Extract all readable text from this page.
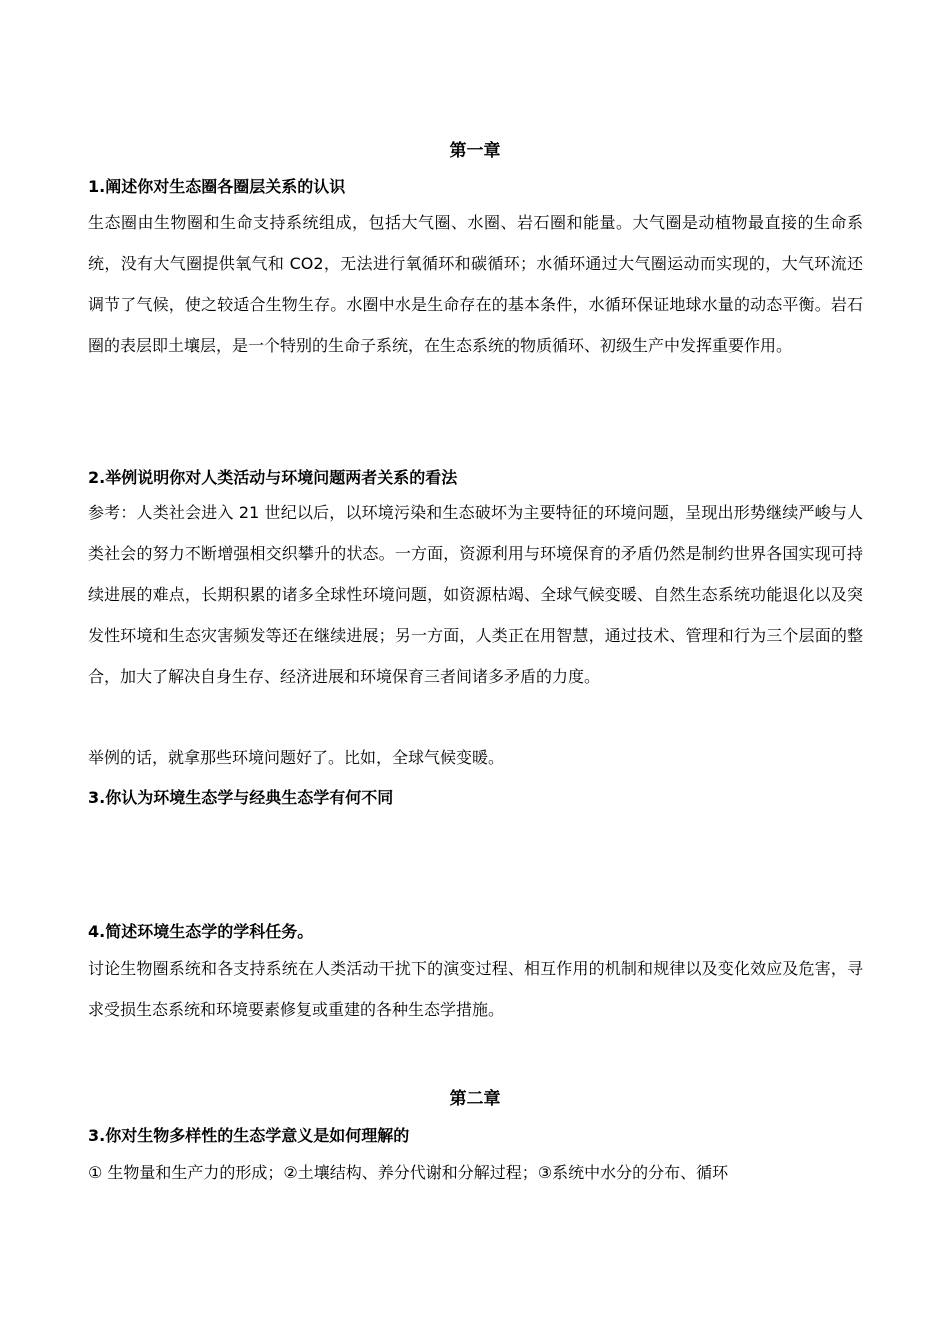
第一章
1.阐述你对生态圈各圈层关系的认识
生态圈由生物圈和生命支持系统组成，包括大气圈、水圈、岩石圈和能量。大气圈是动植物最直接的生命系统，没有大气圈提供氧气和 CO2，无法进行氧循环和碳循环；水循环通过大气圈运动而实现的，大气环流还调节了气候，使之较适合生物生存。水圈中水是生命存在的基本条件，水循环保证地球水量的动态平衡。岩石圈的表层即土壤层，是一个特别的生命子系统，在生态系统的物质循环、初级生产中发挥重要作用。
2.举例说明你对人类活动与环境问题两者关系的看法
参考：人类社会进入 21 世纪以后，以环境污染和生态破坏为主要特征的环境问题，呈现出形势继续严峻与人类社会的努力不断增强相交织攀升的状态。一方面，资源利用与环境保育的矛盾仍然是制约世界各国实现可持续进展的难点，长期积累的诸多全球性环境问题，如资源枯竭、全球气候变暖、自然生态系统功能退化以及突发性环境和生态灾害频发等还在继续进展；另一方面，人类正在用智慧，通过技术、管理和行为三个层面的整合，加大了解决自身生存、经济进展和环境保育三者间诸多矛盾的力度。
举例的话，就拿那些环境问题好了。比如，全球气候变暖。
3.你认为环境生态学与经典生态学有何不同
4.简述环境生态学的学科任务。
讨论生物圈系统和各支持系统在人类活动干扰下的演变过程、相互作用的机制和规律以及变化效应及危害，寻求受损生态系统和环境要素修复或重建的各种生态学措施。
第二章
3.你对生物多样性的生态学意义是如何理解的
① 生物量和生产力的形成；②土壤结构、养分代谢和分解过程；③系统中水分的分布、循环
